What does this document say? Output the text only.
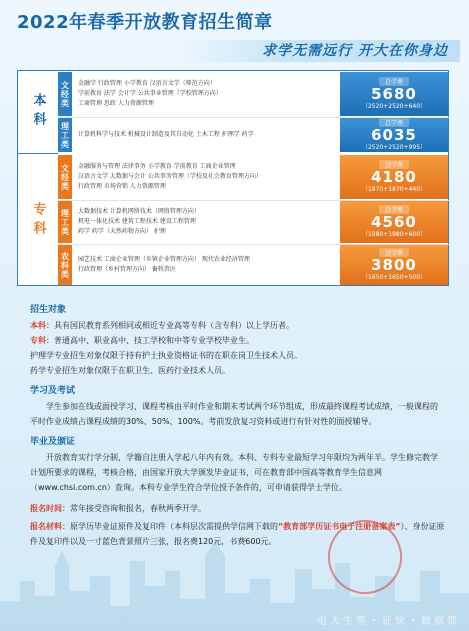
2022年春季开放教育招生简章
求学无需远行 开大在你身边
本科
专科
文经类	金融学 行政管理 小学教育 汉语言文学（师范方向）
学前教育 法学 会计学 公共事业管理（学校管理方向）
工商管理 思政 人力资源管理
总学费
5680
（2520+2520+640）
理工类	计算机科学与技术 机械设计制造及其自动化 土木工程 护理学 药学
总学费
6035
（2520+2520+995）
文经类	金融服务与管理 法律事务 小学教育 学前教育 工商企业管理
汉语言文学 大数据与会计 公共事务管理（学校及社会教育管理方向）
行政管理 市场营销 人力资源管理
总学费
4180
（1870+1870+440）
理工类	大数据技术 计算机网络技术（网络管理方向）
机电一体化技术 建筑工程技术 建设工程管理
药学 药学（天然药物方向） 护理
总学费
4560
（1980+1980+600）
农科类	园艺技术 工商企业管理（乡镇企业管理方向） 现代农业经济管理
行政管理（乡村管理方向） 畜牧兽医
总学费
3800
（1650+1650+500）

招生对象

本科：具有国民教育系列相同或相近专业高等专科（含专科）以上学历者。

专科：普通高中、职业高中、技工学校和中等专业学校毕业生。

护理学专业招生对象仅限于持有护士执业资格证书的在职在岗卫生技术人员。

药学专业招生对象仅限于在职卫生、医药行业技术人员。

学习及考试

学生参加在线或面授学习，课程考核由平时作业和期末考试两个环节组成，形成最终课程考试成绩，一般课程的平时作业成绩占课程成绩的30%、50%、100%。考前发放复习资料或进行有针对性的面授辅导。

毕业及颁证

开放教育实行学分制，学籍自注册入学起八年内有效。本科、专科专业最短学习年限均为两年半。学生修完教学计划所要求的课程，考核合格，由国家开放大学颁发毕业证书，可在教育部中国高等教育学生信息网（www.chsi.com.cn）查询。本科专业学生符合学位授予条件的，可申请获得学士学位。

报名时间：常年接受咨询和报名，春秋两季开学。

报名材料：原学历毕业证原件及复印件（本科层次需提供学信网下载的“教育部学历证书电子注册备案表”）、身份证原件及复印件以及一寸蓝色背景照片三张，报名费120元，书费600元。

电大生签・证快・数据都
